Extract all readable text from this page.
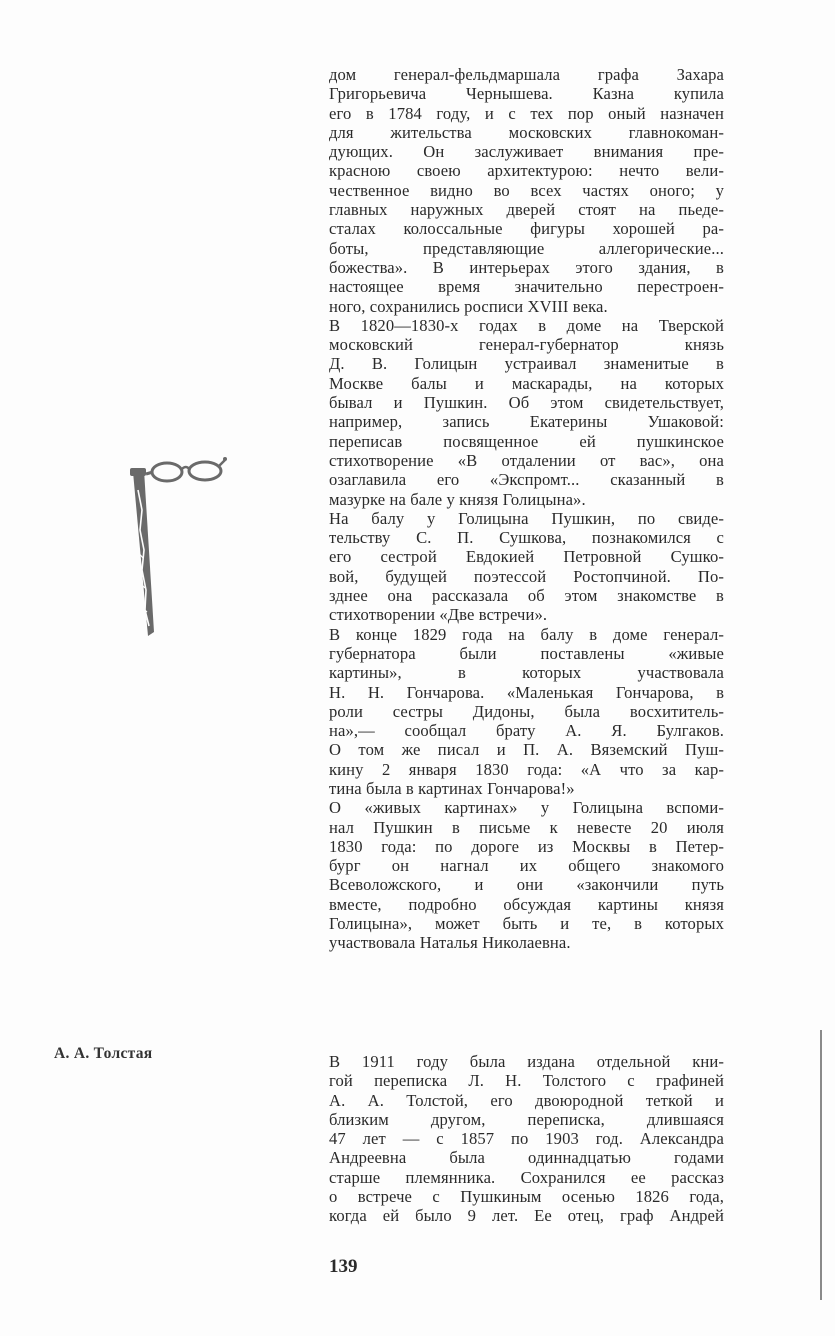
дом генерал-фельдмаршала графа Захара
Григорьевича Чернышева. Казна купила
его в 1784 году, и с тех пор оный назначен
для жительства московских главнокоман-
дующих. Он заслуживает внимания пре-
красною своею архитектурою: нечто вели-
чественное видно во всех частях оного; у
главных наружных дверей стоят на пьеде-
сталах колоссальные фигуры хорошей ра-
боты, представляющие аллегорические...
божества». В интерьерах этого здания, в
настоящее время значительно перестроен-
ного, сохранились росписи XVIII века.
В 1820—1830-х годах в доме на Тверской
московский генерал-губернатор князь
Д. В. Голицын устраивал знаменитые в
Москве балы и маскарады, на которых
бывал и Пушкин. Об этом свидетельствует,
например, запись Екатерины Ушаковой:
переписав посвященное ей пушкинское
стихотворение «В отдалении от вас», она
озаглавила его «Экспромт... сказанный в
мазурке на бале у князя Голицына».
На балу у Голицына Пушкин, по свиде-
тельству С. П. Сушкова, познакомился с
его сестрой Евдокией Петровной Сушко-
вой, будущей поэтессой Ростопчиной. По-
зднее она рассказала об этом знакомстве в
стихотворении «Две встречи».
В конце 1829 года на балу в доме генерал-
губернатора были поставлены «живые
картины», в которых участвовала
Н. Н. Гончарова. «Маленькая Гончарова, в
роли сестры Дидоны, была восхититель-
на»,— сообщал брату А. Я. Булгаков.
О том же писал и П. А. Вяземский Пуш-
кину 2 января 1830 года: «А что за кар-
тина была в картинах Гончарова!»
О «живых картинах» у Голицына вспоми-
нал Пушкин в письме к невесте 20 июля
1830 года: по дороге из Москвы в Петер-
бург он нагнал их общего знакомого
Всеволожского, и они «закончили путь
вместе, подробно обсуждая картины князя
Голицына», может быть и те, в которых
участвовала Наталья Николаевна.
А. А. Толстая	В 1911 году была издана отдельной кни-
гой переписка Л. Н. Толстого с графиней
А. А. Толстой, его двоюродной теткой и
близким другом, переписка, длившаяся
47 лет — с 1857 по 1903 год. Александра
Андреевна была одиннадцатью годами
старше племянника. Сохранился ее рассказ
о встрече с Пушкиным осенью 1826 года,
когда ей было 9 лет. Ее отец, граф Андрей
139
